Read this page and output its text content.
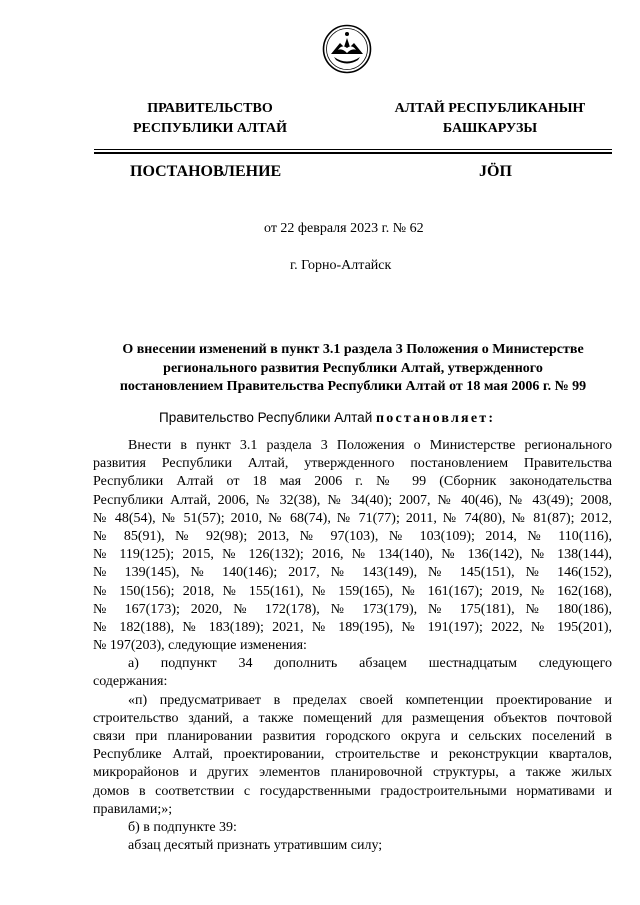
ПРАВИТЕЛЬСТВО
РЕСПУБЛИКИ АЛТАЙ
АЛТАЙ РЕСПУБЛИКАНЫҤ
БАШКАРУЗЫ
ПОСТАНОВЛЕНИЕ	JÖП
от 22 февраля 2023 г. № 62
г. Горно-Алтайск
О внесении изменений в пункт 3.1 раздела 3 Положения о Министерстве
регионального развития Республики Алтай, утвержденного
постановлением Правительства Республики Алтай от 18 мая 2006 г. № 99
Правительство Республики Алтай постановляет:
Внести в пункт 3.1 раздела 3 Положения о Министерстве регионального
развития Республики Алтай, утвержденного постановлением Правительства
Республики Алтай от 18 мая 2006 г. № 99 (Сборник законодательства
Республики Алтай, 2006, № 32(38), № 34(40); 2007, № 40(46), № 43(49); 2008,
№ 48(54), № 51(57); 2010, № 68(74), № 71(77); 2011, № 74(80), № 81(87); 2012,
№ 85(91), № 92(98); 2013, № 97(103), № 103(109); 2014, № 110(116),
№ 119(125); 2015, № 126(132); 2016, № 134(140), № 136(142), № 138(144),
№ 139(145), № 140(146); 2017, № 143(149), № 145(151), № 146(152),
№ 150(156); 2018, № 155(161), № 159(165), № 161(167); 2019, № 162(168),
№ 167(173); 2020, № 172(178), № 173(179), № 175(181), № 180(186),
№ 182(188), № 183(189); 2021, № 189(195), № 191(197); 2022, № 195(201),
№ 197(203), следующие изменения:
а) подпункт 34 дополнить абзацем шестнадцатым следующего
содержания:
«п) предусматривает в пределах своей компетенции проектирование и
строительство зданий, а также помещений для размещения объектов почтовой
связи при планировании развития городского округа и сельских поселений в
Республике Алтай, проектировании, строительстве и реконструкции кварталов,
микрорайонов и других элементов планировочной структуры, а также жилых
домов в соответствии с государственными градостроительными нормативами и
правилами;»;
б) в подпункте 39:
абзац десятый признать утратившим силу;
